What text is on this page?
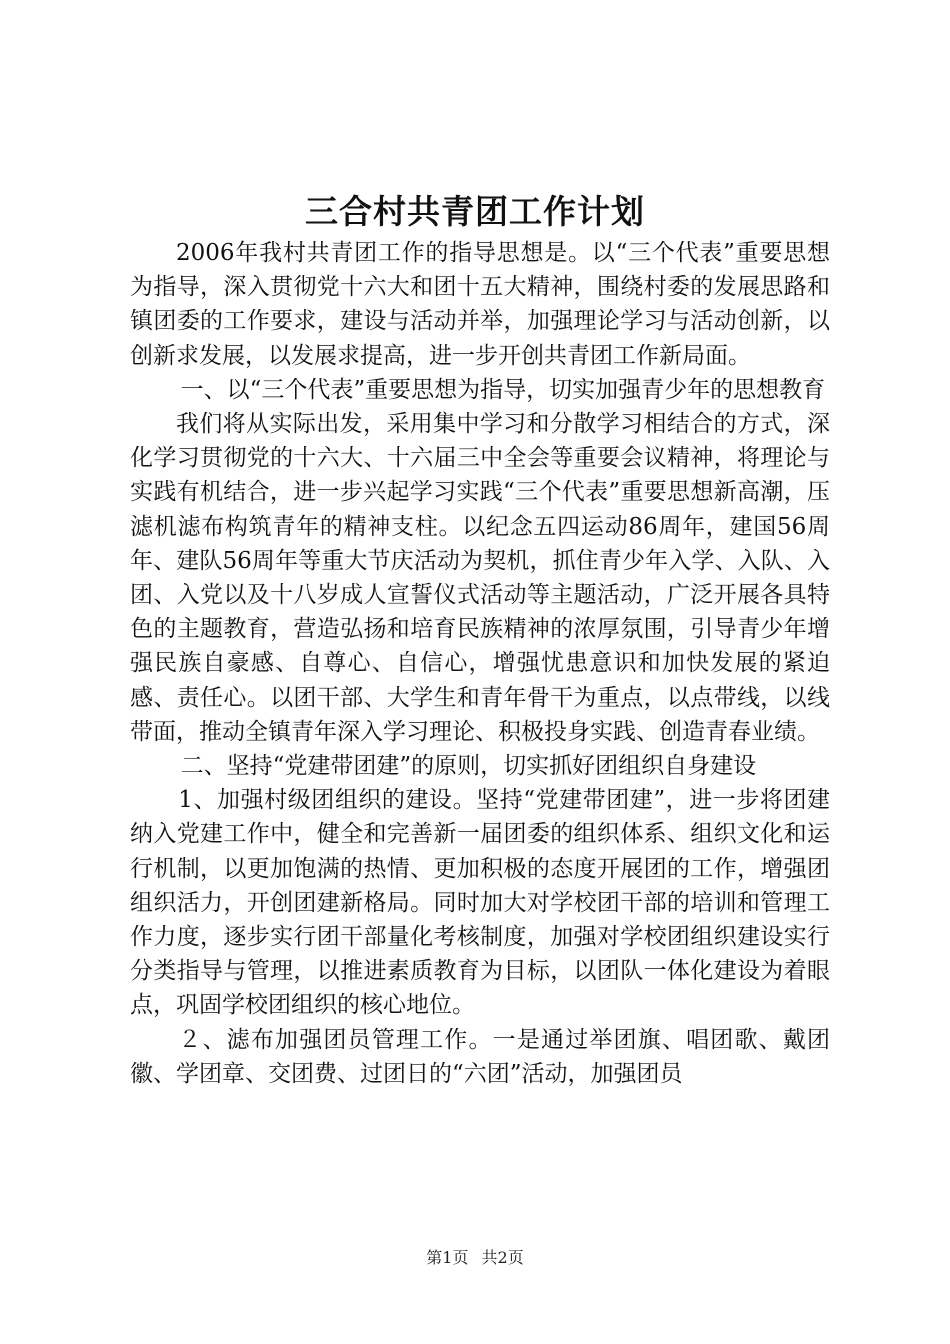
三合村共青团工作计划

2006年我村共青团工作的指导思想是。以“三个代表”重要思想为指导，深入贯彻党十六大和团十五大精神，围绕村委的发展思路和镇团委的工作要求，建设与活动并举，加强理论学习与活动创新，以创新求发展，以发展求提高，进一步开创共青团工作新局面。

一、以“三个代表”重要思想为指导，切实加强青少年的思想教育

我们将从实际出发，采用集中学习和分散学习相结合的方式，深化学习贯彻党的十六大、十六届三中全会等重要会议精神，将理论与实践有机结合，进一步兴起学习实践“三个代表”重要思想新高潮，压滤机滤布构筑青年的精神支柱。以纪念五四运动86周年，建国56周年、建队56周年等重大节庆活动为契机，抓住青少年入学、入队、入团、入党以及十八岁成人宣誓仪式活动等主题活动，广泛开展各具特色的主题教育，营造弘扬和培育民族精神的浓厚氛围，引导青少年增强民族自豪感、自尊心、自信心，增强忧患意识和加快发展的紧迫感、责任心。以团干部、大学生和青年骨干为重点，以点带线，以线带面，推动全镇青年深入学习理论、积极投身实践、创造青春业绩。

二、坚持“党建带团建”的原则，切实抓好团组织自身建设

1、加强村级团组织的建设。坚持“党建带团建”，进一步将团建纳入党建工作中，健全和完善新一届团委的组织体系、组织文化和运行机制，以更加饱满的热情、更加积极的态度开展团的工作，增强团组织活力，开创团建新格局。同时加大对学校团干部的培训和管理工作力度，逐步实行团干部量化考核制度，加强对学校团组织建设实行分类指导与管理，以推进素质教育为目标，以团队一体化建设为着眼点，巩固学校团组织的核心地位。

２、滤布加强团员管理工作。一是通过举团旗、唱团歌、戴团徽、学团章、交团费、过团日的“六团”活动，加强团员

第1页 共2页
